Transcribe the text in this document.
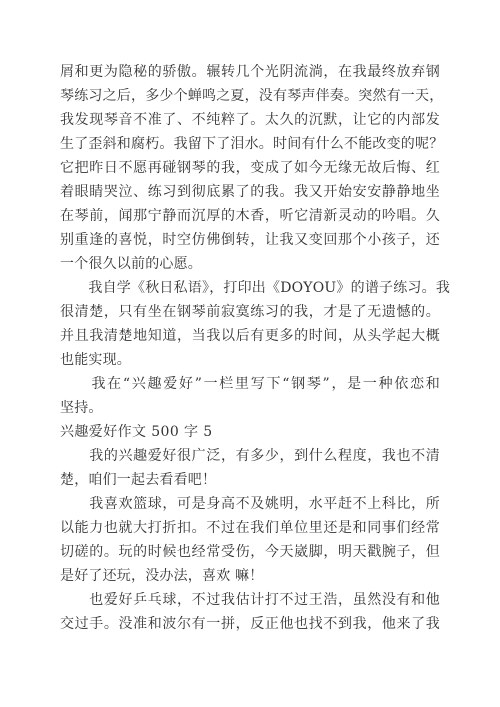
屑和更为隐秘的骄傲。辗转几个光阴流淌，在我最终放弃钢
琴练习之后，多少个蝉鸣之夏，没有琴声伴奏。突然有一天，
我发现琴音不准了、不纯粹了。太久的沉默，让它的内部发
生了歪斜和腐朽。我留下了泪水。时间有什么不能改变的呢？
它把昨日不愿再碰钢琴的我，变成了如今无缘无故后悔、红
着眼睛哭泣、练习到彻底累了的我。我又开始安安静静地坐
在琴前，闻那宁静而沉厚的木香，听它清新灵动的吟唱。久
别重逢的喜悦，时空仿佛倒转，让我又变回那个小孩子，还
一个很久以前的心愿。
　　我自学《秋日私语》，打印出《DOYOU》的谱子练习。我
很清楚，只有坐在钢琴前寂寞练习的我，才是了无遗憾的。
并且我清楚地知道，当我以后有更多的时间，从头学起大概
也能实现。
　　我在“兴趣爱好”一栏里写下“钢琴”，是一种依恋和
坚持。
兴趣爱好作文 500 字 5
　　我的兴趣爱好很广泛，有多少，到什么程度，我也不清
楚，咱们一起去看看吧！
　　我喜欢篮球，可是身高不及姚明，水平赶不上科比，所
以能力也就大打折扣。不过在我们单位里还是和同事们经常
切磋的。玩的时候也经常受伤，今天崴脚，明天戳腕子，但
是好了还玩，没办法，喜欢 嘛！
　　也爱好乒乓球，不过我估计打不过王浩，虽然没有和他
交过手。没准和波尔有一拼，反正他也找不到我，他来了我
